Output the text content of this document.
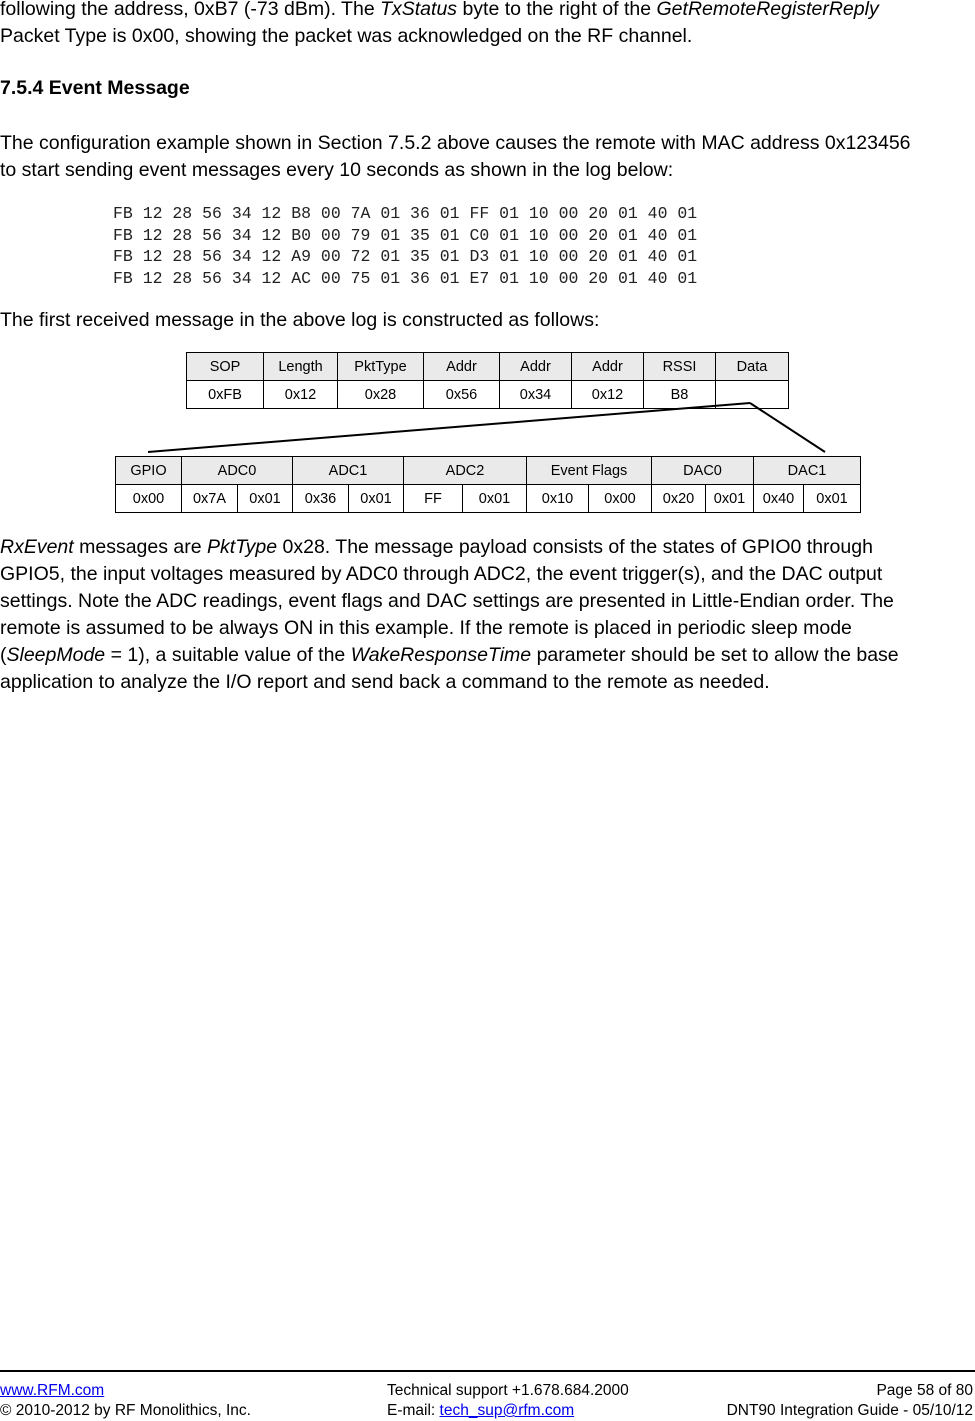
following the address, 0xB7 (-73 dBm). The TxStatus byte to the right of the GetRemoteRegisterReply

Packet Type is 0x00, showing the packet was acknowledged on the RF channel.

7.5.4 Event Message

The configuration example shown in Section 7.5.2 above causes the remote with MAC address 0x123456

to start sending event messages every 10 seconds as shown in the log below:

FB 12 28 56 34 12 B8 00 7A 01 36 01 FF 01 10 00 20 01 40 01
FB 12 28 56 34 12 B0 00 79 01 35 01 C0 01 10 00 20 01 40 01
FB 12 28 56 34 12 A9 00 72 01 35 01 D3 01 10 00 20 01 40 01
FB 12 28 56 34 12 AC 00 75 01 36 01 E7 01 10 00 20 01 40 01

The first received message in the above log is constructed as follows:

SOP	Length	PktType	Addr	Addr	Addr	RSSI	Data
0xFB	0x12	0x28	0x56	0x34	0x12	B8	
GPIO	ADC0		ADC1		ADC2		Event Flags		DAC0		DAC1	
0x00	0x7A	0x01	0x36	0x01	FF	0x01	0x10	0x00	0x20	0x01	0x40	0x01

RxEvent messages are PktType 0x28. The message payload consists of the states of GPIO0 through

GPIO5, the input voltages measured by ADC0 through ADC2, the event trigger(s), and the DAC output

settings. Note the ADC readings, event flags and DAC settings are presented in Little-Endian order. The

remote is assumed to be always ON in this example. If the remote is placed in periodic sleep mode

(SleepMode = 1), a suitable value of the WakeResponseTime parameter should be set to allow the base

application to analyze the I/O report and send back a command to the remote as needed.

www.RFM.com
© 2010-2012 by RF Monolithics, Inc.
Technical support +1.678.684.2000
E-mail: tech_sup@rfm.com
Page 58 of 80
DNT90 Integration Guide - 05/10/12
